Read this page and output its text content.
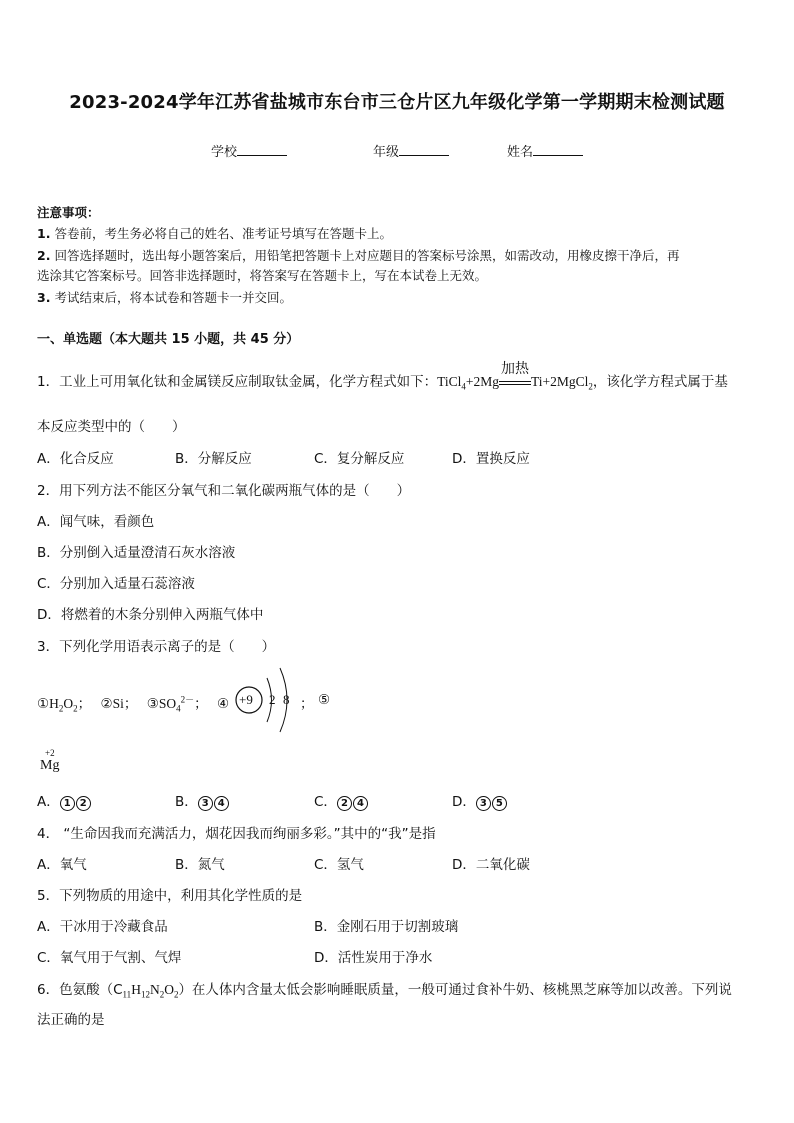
2023-2024学年江苏省盐城市东台市三仓片区九年级化学第一学期期末检测试题
学校	年级	姓名
注意事项：
1. 答卷前，考生务必将自己的姓名、准考证号填写在答题卡上。
2. 回答选择题时，选出每小题答案后，用铅笔把答题卡上对应题目的答案标号涂黑，如需改动，用橡皮擦干净后，再
选涂其它答案标号。回答非选择题时，将答案写在答题卡上，写在本试卷上无效。
3. 考试结束后，将本试卷和答题卡一并交回。
一、单选题（本大题共 15 小题，共 45 分）
1．工业上可用氧化钛和金属镁反应制取钛金属，化学方程式如下：TiCl$_4$+2Mg
加热
Ti+2MgCl$_2$，该化学方程式属于基
本反应类型中的（　　）
A．化合反应	B．分解反应	C．复分解反应	D．置换反应
2．用下列方法不能区分氧气和二氧化碳两瓶气体的是（　　）
A．闻气味，看颜色
B．分别倒入适量澄清石灰水溶液
C．分别加入适量石蕊溶液
D．将燃着的木条分别伸入两瓶气体中
3．下列化学用语表示离子的是（　　）
$①H_2O_2$； ②Si； $③SO_4^{2-}$； ④ +9 2 8 ； ⑤
+2
Mg
A． 1 2	B． 3 4	C． 2 4	D． 3 5
4． “生命因我而充满活力，烟花因我而绚丽多彩。”其中的“我”是指
A．氧气	B．氮气	C．氢气	D．二氧化碳
5．下列物质的用途中，利用其化学性质的是
A．干冰用于冷藏食品	B．金刚石用于切割玻璃
C．氧气用于气割、气焊	D．活性炭用于净水
6．色氨酸$(C_{11}H_{12}N_2O_2)$在人体内含量太低会影响睡眠质量，一般可通过食补牛奶、核桃黑芝麻等加以改善。下列说
法正确的是
